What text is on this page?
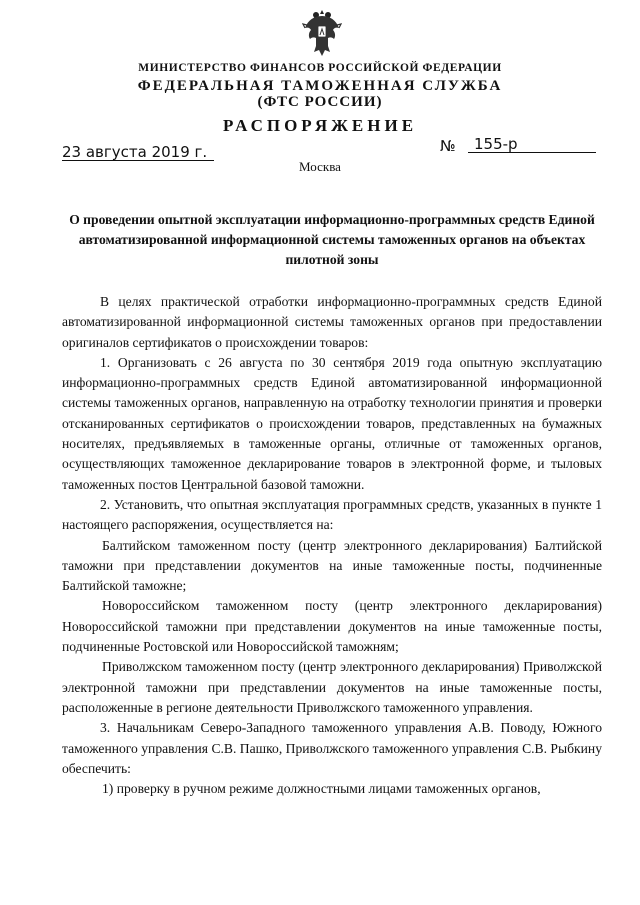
МИНИСТЕРСТВО ФИНАНСОВ РОССИЙСКОЙ ФЕДЕРАЦИИ
ФЕДЕРАЛЬНАЯ ТАМОЖЕННАЯ СЛУЖБА
(ФТС РОССИИ)
РАСПОРЯЖЕНИЕ
23 августа 2019 г.	№	155-р
Москва
О проведении опытной эксплуатации информационно-программных средств Единой автоматизированной информационной системы таможенных органов на объектах пилотной зоны

В целях практической отработки информационно-программных средств Единой автоматизированной информационной системы таможенных органов при предоставлении оригиналов сертификатов о происхождении товаров:

1. Организовать с 26 августа по 30 сентября 2019 года опытную эксплуатацию информационно-программных средств Единой автоматизированной информационной системы таможенных органов, направленную на отработку технологии принятия и проверки отсканированных сертификатов о происхождении товаров, представленных на бумажных носителях, предъявляемых в таможенные органы, отличные от таможенных органов, осуществляющих таможенное декларирование товаров в электронной форме, и тыловых таможенных постов Центральной базовой таможни.

2. Установить, что опытная эксплуатация программных средств, указанных в пункте 1 настоящего распоряжения, осуществляется на:

Балтийском таможенном посту (центр электронного декларирования) Балтийской таможни при представлении документов на иные таможенные посты, подчиненные Балтийской таможне;

Новороссийском таможенном посту (центр электронного декларирования) Новороссийской таможни при представлении документов на иные таможенные посты, подчиненные Ростовской или Новороссийской таможням;

Приволжском таможенном посту (центр электронного декларирования) Приволжской электронной таможни при представлении документов на иные таможенные посты, расположенные в регионе деятельности Приволжского таможенного управления.

3. Начальникам Северо-Западного таможенного управления А.В. Поводу, Южного таможенного управления С.В. Пашко, Приволжского таможенного управления С.В. Рыбкину обеспечить:

1) проверку в ручном режиме должностными лицами таможенных органов,
